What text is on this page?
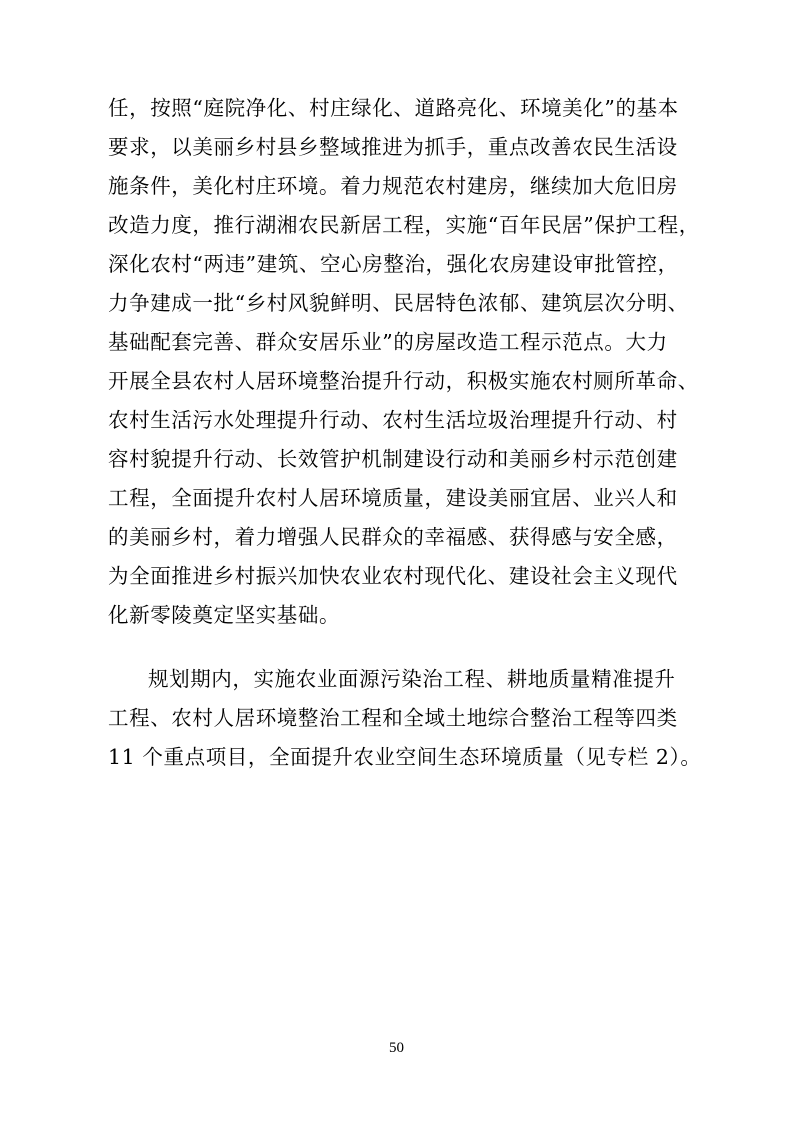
任，按照“庭院净化、村庄绿化、道路亮化、环境美化”的基本
要求，以美丽乡村县乡整域推进为抓手，重点改善农民生活设
施条件，美化村庄环境。着力规范农村建房，继续加大危旧房
改造力度，推行湖湘农民新居工程，实施“百年民居”保护工程，
深化农村“两违”建筑、空心房整治，强化农房建设审批管控，
力争建成一批“乡村风貌鲜明、民居特色浓郁、建筑层次分明、
基础配套完善、群众安居乐业”的房屋改造工程示范点。大力
开展全县农村人居环境整治提升行动，积极实施农村厕所革命、
农村生活污水处理提升行动、农村生活垃圾治理提升行动、村
容村貌提升行动、长效管护机制建设行动和美丽乡村示范创建
工程，全面提升农村人居环境质量，建设美丽宜居、业兴人和
的美丽乡村，着力增强人民群众的幸福感、获得感与安全感，
为全面推进乡村振兴加快农业农村现代化、建设社会主义现代
化新零陵奠定坚实基础。
规划期内，实施农业面源污染治工程、耕地质量精准提升
工程、农村人居环境整治工程和全域土地综合整治工程等四类
11 个重点项目，全面提升农业空间生态环境质量（见专栏 2）。
50
